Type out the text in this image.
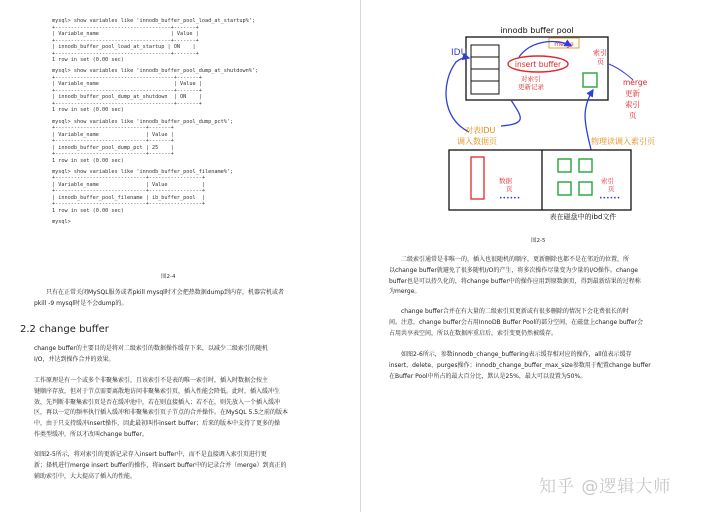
mysql> show variables like 'innodb_buffer_pool_load_at_startup%';
+-------------------------------------+-------+
| Variable_name                       | Value |
+-------------------------------------+-------+
| innodb_buffer_pool_load_at_startup | ON    |
+-------------------------------------+-------+
1 row in set (0.00 sec)
mysql> show variables like 'innodb_buffer_pool_dump_at_shutdown%';
+--------------------------------------+-------+
| Variable_name                        | Value |
+--------------------------------------+-------+
| innodb_buffer_pool_dump_at_shutdown  | ON    |
+--------------------------------------+-------+
1 row in set (0.00 sec)
mysql> show variables like 'innodb_buffer_pool_dump_pct%';
+-----------------------------+-------+
| Variable_name               | Value |
+-----------------------------+-------+
| innodb_buffer_pool_dump_pct | 25    |
+-----------------------------+-------+
1 row in set (0.00 sec)
mysql> show variables like 'innodb_buffer_pool_filename%';
+-----------------------------+-----------------+
| Variable_name               | Value           |
+-----------------------------+-----------------+
| innodb_buffer_pool_filename | ib_buffer_pool  |
+-----------------------------+-----------------+
1 row in set (0.00 sec)
mysql>
图2-4
只有在正常关闭MySQL服务或者pkill mysql时才会把热数据dump到内存，机器宕机或者
pkill -9 mysql时是不会dump的。
2.2 change buffer
change buffer的主要目的是将对二级索引的数据操作缓存下来，以减少二级索引的随机
I/O，并达到操作合并的效果。
工作原理是有一个或多个非聚集索引，且该索引不是表的唯一索引时，插入时数据会按主
键顺序存放，但对于节点需要离散地访问非聚集索引页，插入性能会降低。此时，插入缓冲生
效，先判断非聚集索引页是否在缓冲池中，若在则直接插入；若不在，则先放入一个插入缓冲
区，再以一定的频率执行插入缓冲和非聚集索引页子节点的合并操作。在MySQL 5.5之前的版本
中，由于只支持缓冲insert操作，因此最初叫作insert buffer；后来的版本中支持了更多的操
作类型缓冲，所以才改叫change buffer。
如图2-5所示，将对索引的更新记录存入insert buffer中，而不是直接调入索引页进行更
新；择机进行merge insert buffer的操作，将insert buffer中的记录合并（merge）到真正的
辅助索引中，大大提高了插入的性能。
innodb buffer pool
merge
IDU
insert buffer
对索引
更新记录
索引
页
merge
更新
索引
页
对表IDU
调入数据页	物理读调入索引页
数据
页
••••••
索引
页
••••••
表在磁盘中的ibd文件
图2-5
二级索引通常是非唯一的，插入也很随机的顺序，更新删除也都不是在邻近的位置，所
以change buffer就避免了很多随机I/O的产生，将多次操作尽量变为少量的I/O操作。change
buffer也是可以持久化的，将change buffer中的操作应用到原数据页，得到最新结果的过程称
为merge。
change buffer合并在有大量的二级索引页更新或有很多删除的情况下会花费很长的时
间。注意，change buffer会占用InnoDB Buffer Pool的部分空间，在磁盘上change buffer会
占用共享表空间，所以在数据库重启后，索引变更仍然被缓存。
如图2-6所示，参数innodb_change_buffering表示缓存相对应的操作，all值表示缓存
insert、delete、purges操作；innodb_change_buffer_max_size参数用于配置change buffer
在Buffer Pool中所占的最大百分比，默认是25%，最大可以设置为50%。
知乎 @逻辑大师
